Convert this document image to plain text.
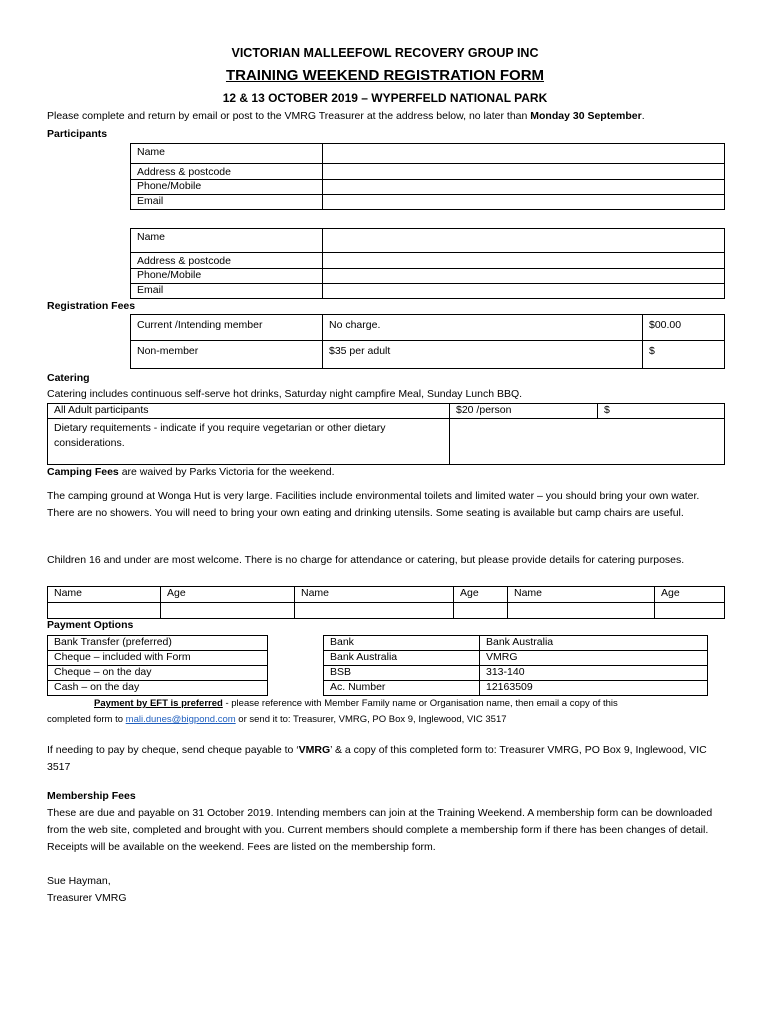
VICTORIAN MALLEEFOWL RECOVERY GROUP INC
TRAINING WEEKEND REGISTRATION FORM
12 & 13 OCTOBER 2019 – WYPERFELD NATIONAL PARK
Please complete and return by email or post to the VMRG Treasurer at the address below, no later than Monday 30 September.
Participants
Name	
Address & postcode	
Phone/Mobile	
Email	
Name	
Address & postcode	
Phone/Mobile	
Email	
Registration Fees
Current /Intending member	No charge.	$00.00
Non-member	$35 per adult	$
Catering
Catering includes continuous self-serve hot drinks, Saturday night campfire Meal, Sunday Lunch BBQ.
All Adult participants	$20 /person	$
Dietary requitements - indicate if you require vegetarian or other dietary considerations.		
Camping Fees are waived by Parks Victoria for the weekend.
The camping ground at Wonga Hut is very large. Facilities include environmental toilets and limited water – you should bring your own water. There are no showers. You will need to bring your own eating and drinking utensils. Some seating is available but camp chairs are useful.
Children 16 and under are most welcome. There is no charge for attendance or catering, but please provide details for catering purposes.
Name	Age	Name	Age	Name	Age

Payment Options
Bank Transfer (preferred)
Cheque – included with Form
Cheque – on the day
Cash – on the day
Bank	Bank Australia
Bank Australia	VMRG
BSB	313-140
Ac. Number	12163509
Payment by EFT is preferred - please reference with Member Family name or Organisation name, then email a copy of this
completed form to mali.dunes@bigpond.com or send it to: Treasurer, VMRG, PO Box 9, Inglewood, VIC 3517
If needing to pay by cheque, send cheque payable to ‘VMRG’ & a copy of this completed form to: Treasurer VMRG, PO Box 9, Inglewood, VIC 3517
Membership Fees
These are due and payable on 31 October 2019. Intending members can join at the Training Weekend. A membership form can be downloaded from the web site, completed and brought with you. Current members should complete a membership form if there has been changes of detail. Receipts will be available on the weekend. Fees are listed on the membership form.
Sue Hayman,
Treasurer VMRG
